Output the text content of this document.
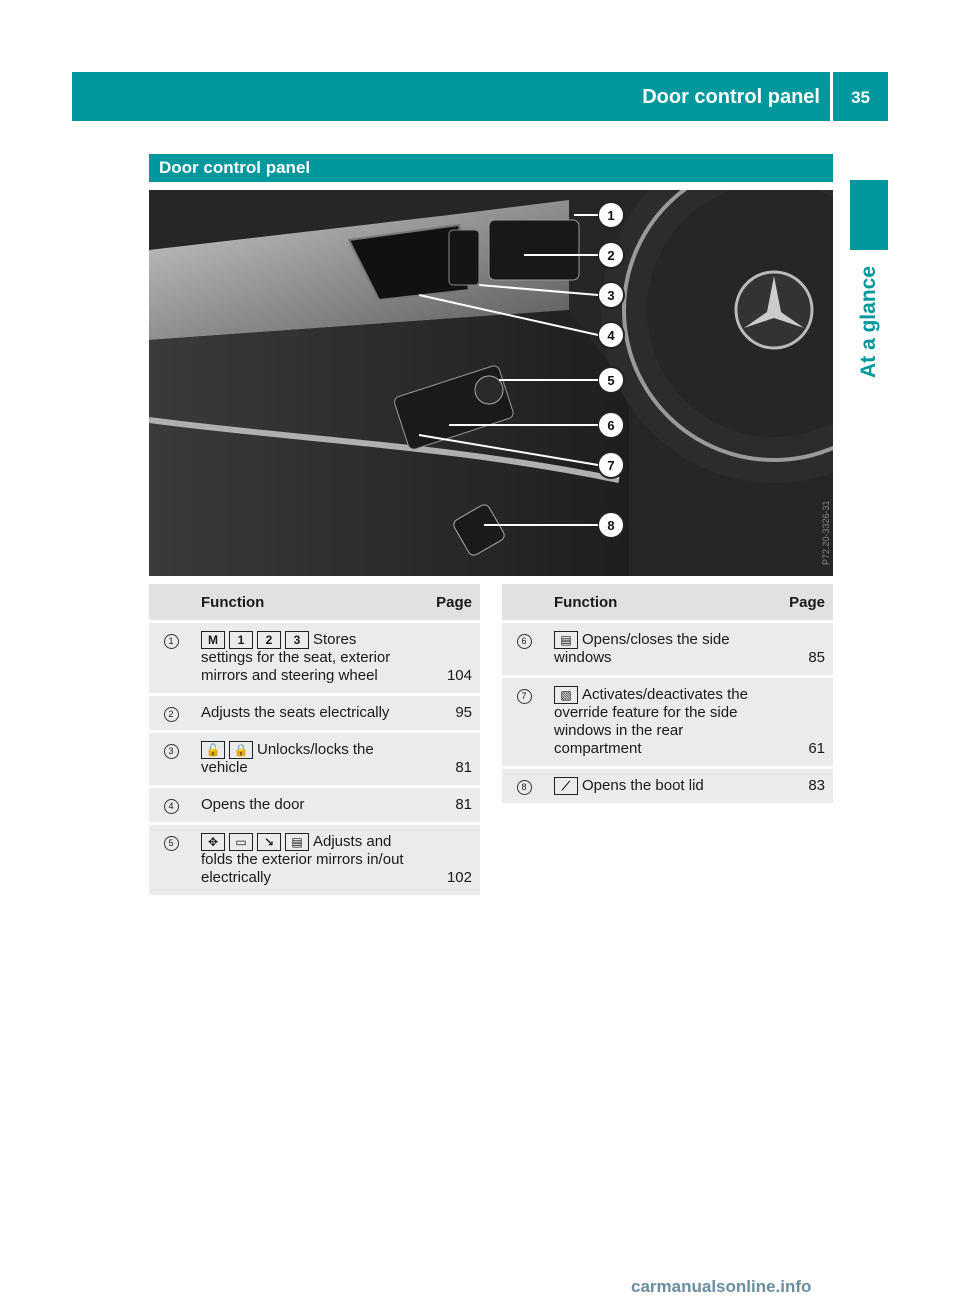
Door control panel 35
At a glance
Door control panel
1
2
3
4
5
6
7
8	P72.20-3326-31
	Function	Page
1	M 1 2 3 Stores settings for the seat, exterior mirrors and steering wheel	104
2	Adjusts the seats electrically	95
3	🔓 🔒 Unlocks/locks the vehicle	81
4	Opens the door	81
5	✥ ▭ ↘ ▤ Adjusts and folds the exterior mirrors in/out electrically	102
	Function	Page
6	▤ Opens/closes the side windows	85
7	▧ Activates/deactivates the override feature for the side windows in the rear compartment	61
8	⟋ Opens the boot lid	83
carmanualsonline.info
